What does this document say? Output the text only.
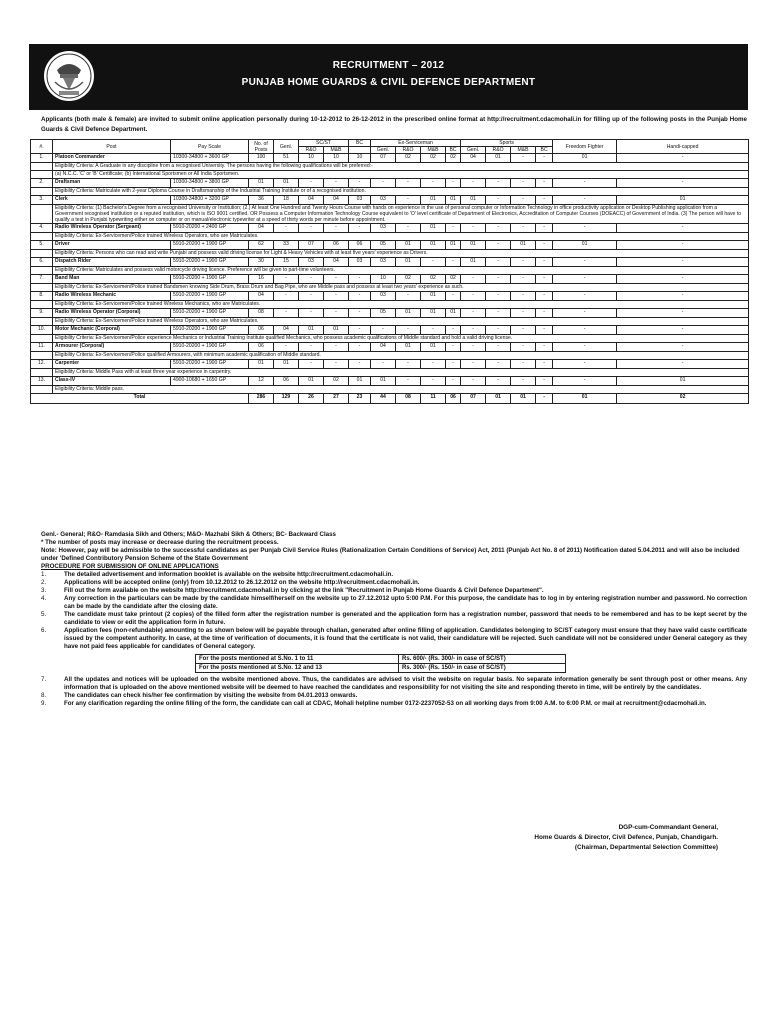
RECRUITMENT – 2012
PUNJAB HOME GUARDS & CIVIL DEFENCE DEPARTMENT
Applicants (both male & female) are invited to submit online application personally during 10-12-2012 to 26-12-2012 in the prescribed online format at http://recruitment.cdacmohali.in for filling up of the following posts in the Punjab Home Guards & Civil Defence Department.
#.	Post	Pay Scale	No. of Posts	Genl.	SC/ST		BC	Ex-Serviceman				Sports				Freedom Fighter	Handi-capped
					R&O	M&B		Genl.	R&O	M&B	BC	Genl.	R&O	M&B	BC		
1.	Platoon Commander	10300-34800 + 3600 GP	100	51	10	10	10	07	02	02	02	04	01	-	-	01	-
	Eligibility Criteria: A Graduate in any discipline from a recognised University. The persons having the following qualifications will be preferred:-																
	(a) N.C.C. 'C' or 'B' Certificate; (b) International Sportsmen or All India Sportsmen.																
2.	Draftsman	10300-34800 + 3800 GP	01	01	-	-	-	-	-	-	-	-	-	-	-	-	-
	Eligibility Criteria: Matriculate with 2-year Diploma Course in Draftsmanship of the Industrial Training Institute or of a recognised institution.																
3.	Clerk	10300-34800 + 3200 GP	36	18	04	04	03	03	-	01	01	01	-	-	-	-	01
	Eligibility Criteria: (1) Bachelor's Degree from a recognised University or Institution; (2.) At least One Hundred and Twenty Hours Course with hands on experience in the use of personal computer or Information Technology in office productivity application or Desktop Publishing application from a Government recognised institution or a reputed institution, which is ISO 9001 certified. OR Possess a Computer Information Technology Course equivalent to 'O' level certificate of Department of Electronics, Accreditation of Computer Courses (DOEACC) of Government of India. (3) The person will have to qualify a test in Punjabi typewriting either on computer or on manual/electronic typewriter at a speed of thirty words per minute before appointment.																
4.	Radio Wireless Operator (Sergeant)	5910-20200 + 2400 GP	04	-	-	-	-	03	-	01	-	-	-	-	-	-	-
	Eligibility Criteria: Ex-Servicemen/Police trained Wireless Operators, who are Matriculates.																
5.	Driver	5910-20200 + 1900 GP	62	33	07	06	06	05	01	01	01	01	-	01	-	01	-
	Eligibility Criteria: Persons who can read and write Punjabi and possess valid driving license for Light & Heavy Vehicles with at least five years' experience as Drivers.																
6.	Dispatch Rider	5910-20200 + 1900 GP	30	15	03	04	03	03	01	-	-	01	-	-	-	-	-
	Eligibility Criteria: Matriculates and possess valid motorcycle driving licence. Preference will be given to part-time volunteers.																
7.	Band Man	5910-20200 + 1900 GP	16	-	-	-	-	10	02	02	02	-	-	-	-	-	-
	Eligibility Criteria: Ex-Servicemen/Police trained Bandsmen knowing Side Drum, Brass Drum and Bag Pipe, who are Middle pass and possess at least two years' experience as such.																
8.	Radio Wireless Mechanic	5910-20200 + 1900 GP	04	-	-	-	-	03	-	01	-	-	-	-	-	-	-
	Eligibility Criteria: Ex-Servicemen/Police trained Wireless Mechanics, who are Matriculates.																
9.	Radio Wireless Operator (Corporal)	5910-20200 + 1900 GP	08	-	-	-	-	05	01	01	01	-	-	-	-	-	-
	Eligibility Criteria: Ex-Servicemen/Police trained Wireless Operators, who are Matriculates.																
10.	Motor Mechanic (Corporal)	5910-20200 + 1900 GP	06	04	01	01	-	-	-	-	-	-	-	-	-	-	-
	Eligibility Criteria: Ex-Servicemen/Police experience Mechanics or Industrial Training Institute qualified Mechanics, who possess academic qualifications of Middle standard and hold a valid driving license.																
11.	Armourer (Corporal)	5910-20200 + 1900 GP	06	-	-	-	-	04	01	01	-	-	-	-	-	-	-
	Eligibility Criteria: Ex-Servicemen/Police qualified Armourers, with minimum academic qualification of Middle standard.																
12.	Carpenter	5910-20200 + 1900 GP	01	01	-	-	-	-	-	-	-	-	-	-	-	-	-
	Eligibility Criteria: Middle Pass with at least three year experience in carpentry.																
13.	Class-IV	4900-10680 + 1650 GP	12	06	01	02	01	01	-	-	-	-	-	-	-	-	01
	Eligibility Criteria: Middle pass.																
Total			286	129	26	27	23	44	08	11	06	07	01	01	-	01	02

Genl.- General; R&O- Ramdasia Sikh and Others; M&O- Mazhabi Sikh & Others; BC- Backward Class

* The number of posts may increase or decrease during the recruitment process.

Note: However, pay will be admissible to the successful candidates as per Punjab Civil Service Rules (Rationalization Certain Conditions of Service) Act, 2011 (Punjab Act No. 8 of 2011) Notification dated 5.04.2011 and will also be included under 'Defined Contributory Pension Scheme of the State Government

PROCEDURE FOR SUBMISSION OF ONLINE APPLICATIONS

1.	The detailed advertisement and information booklet is available on the website http://recruitment.cdacmohali.in.
2.	Applications will be accepted online (only) from 10.12.2012 to 26.12.2012 on the website http://recruitment.cdacmohali.in.
3.	Fill out the form available on the website http://recruitment.cdacmohali.in by clicking at the link "Recruitment in Punjab Home Guards & Civil Defence Department".
4.	Any correction in the particulars can be made by the candidate himself/herself on the website up to 27.12.2012 upto 5:00 P.M. For this purpose, the candidate has to log in by entering registration number and password. No correction can be made by the candidate after the closing date.
5.	The candidate must take printout (2 copies) of the filled form after the registration number is generated and the application form has a registration number, password that needs to be remembered and has to be kept secret by the candidate to view or edit the application form in future.
6.	Application fees (non-refundable) amounting to as shown below will be payable through challan, generated after online filling of application. Candidates belonging to SC/ST category must ensure that they have valid caste certificate issued by the competent authority. In case, at the time of verification of documents, it is found that the certificate is not valid, their candidature will be rejected. Such candidate will not be considered under General category as they have not paid fees applicable for candidates of General category.
For the posts mentioned at S.No. 1 to 11	Rs. 600/- (Rs. 300/- in case of SC/ST)
For the posts mentioned at S.No. 12 and 13	Rs. 300/- (Rs. 150/- in case of SC/ST)
7.	All the updates and notices will be uploaded on the website mentioned above. Thus, the candidates are advised to visit the website on regular basis. No separate information generally be sent through post or other means. Any information that is uploaded on the above mentioned website will be deemed to have reached the candidates and responsibility for not visiting the site and responding thereto in time, will be entirely by the candidates.
8.	The candidates can check his/her fee confirmation by visiting the website from 04.01.2013 onwards.
9.	For any clarification regarding the online filling of the form, the candidate can call at CDAC, Mohali helpline number 0172-2237052-53 on all working days from 9:00 A.M. to 6:00 P.M. or mail at recruitment@cdacmohali.in.
DGP-cum-Commandant General,
Home Guards & Director, Civil Defence, Punjab, Chandigarh.
(Chairman, Departmental Selection Committee)
